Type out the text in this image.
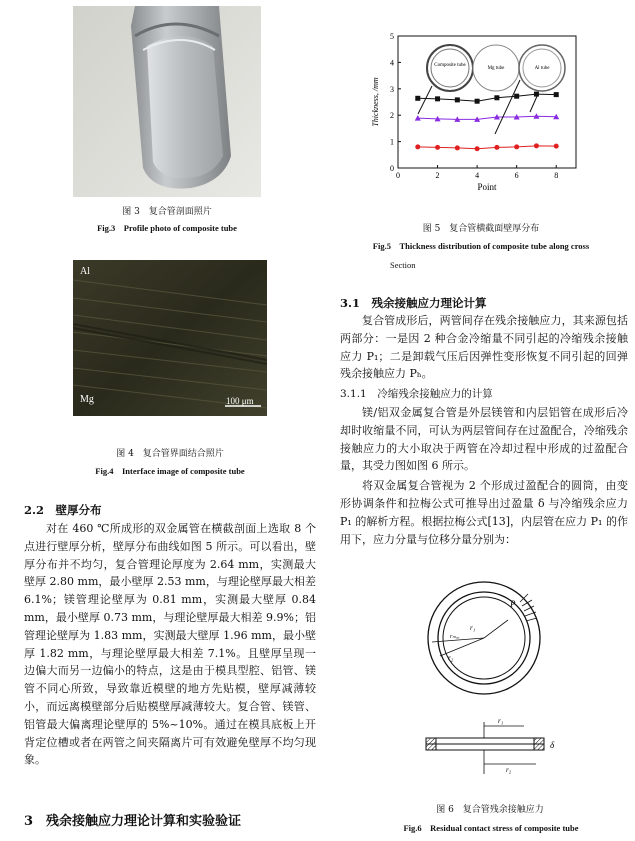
图 3　复合管剖面照片
Fig.3　Profile photo of composite tube
Al
Mg	100 μm
图 4　复合管界面结合照片
Fig.4　Interface image of composite tube
2.2　壁厚分布

对在 460 ℃所成形的双金属管在横截剖面上选取 8 个点进行壁厚分析，壁厚分布曲线如图 5 所示。可以看出，壁厚分布并不均匀，复合管理论厚度为 2.64 mm，实测最大壁厚 2.80 mm，最小壁厚 2.53 mm，与理论壁厚最大相差 6.1%；镁管理论壁厚为 0.81 mm，实测最大壁厚 0.84 mm，最小壁厚 0.73 mm，与理论壁厚最大相差 9.9%；铝管理论壁厚为 1.83 mm，实测最大壁厚 1.96 mm，最小壁厚 1.82 mm，与理论壁厚最大相差 7.1%。且壁厚呈现一边偏大而另一边偏小的特点，这是由于模具型腔、铝管、镁管不同心所致，导致靠近模壁的地方先贴模，壁厚减薄较小，而远离模壁部分后贴模壁厚减薄较大。复合管、镁管、铝管最大偏离理论壁厚的 5%~10%。通过在模具底板上开背定位槽或者在两管之间夹隔离片可有效避免壁厚不均匀现象。

3　残余接触应力理论计算和实验验证
0	2	4	6	8
0
1
2
3
4
5
Composite tube
Mg tube	Al tube
Point
Thickness, /mm
图 5　复合管横截面壁厚分布
Fig.5　Thickness distribution of composite tube along cross
Section
3.1　残余接触应力理论计算

复合管成形后，两管间存在残余接触应力，其来源包括两部分：一是因 2 种合金冷缩量不同引起的冷缩残余接触应力 P₁；二是卸载气压后因弹性变形恢复不同引起的回弹残余接触应力 Pₕ。

3.1.1　冷缩残余接触应力的计算

镁/铝双金属复合管是外层镁管和内层铝管在成形后冷却时收缩量不同，可认为两层管间存在过盈配合，冷缩残余接触应力的大小取决于两管在冷却过程中形成的过盈配合量，其受力图如图 6 所示。

将双金属复合管视为 2 个形成过盈配合的圆筒，由变形协调条件和拉梅公式可推导出过盈量 δ 与冷缩残余应力 P₁ 的解析方程。根据拉梅公式[13]，内层管在应力 P₁ 的作用下，应力分量与位移分量分别为：

P
r₁
rₘₐₓ
r₂
r₁
r₂
δ
图 6　复合管残余接触应力
Fig.6　Residual contact stress of composite tube
